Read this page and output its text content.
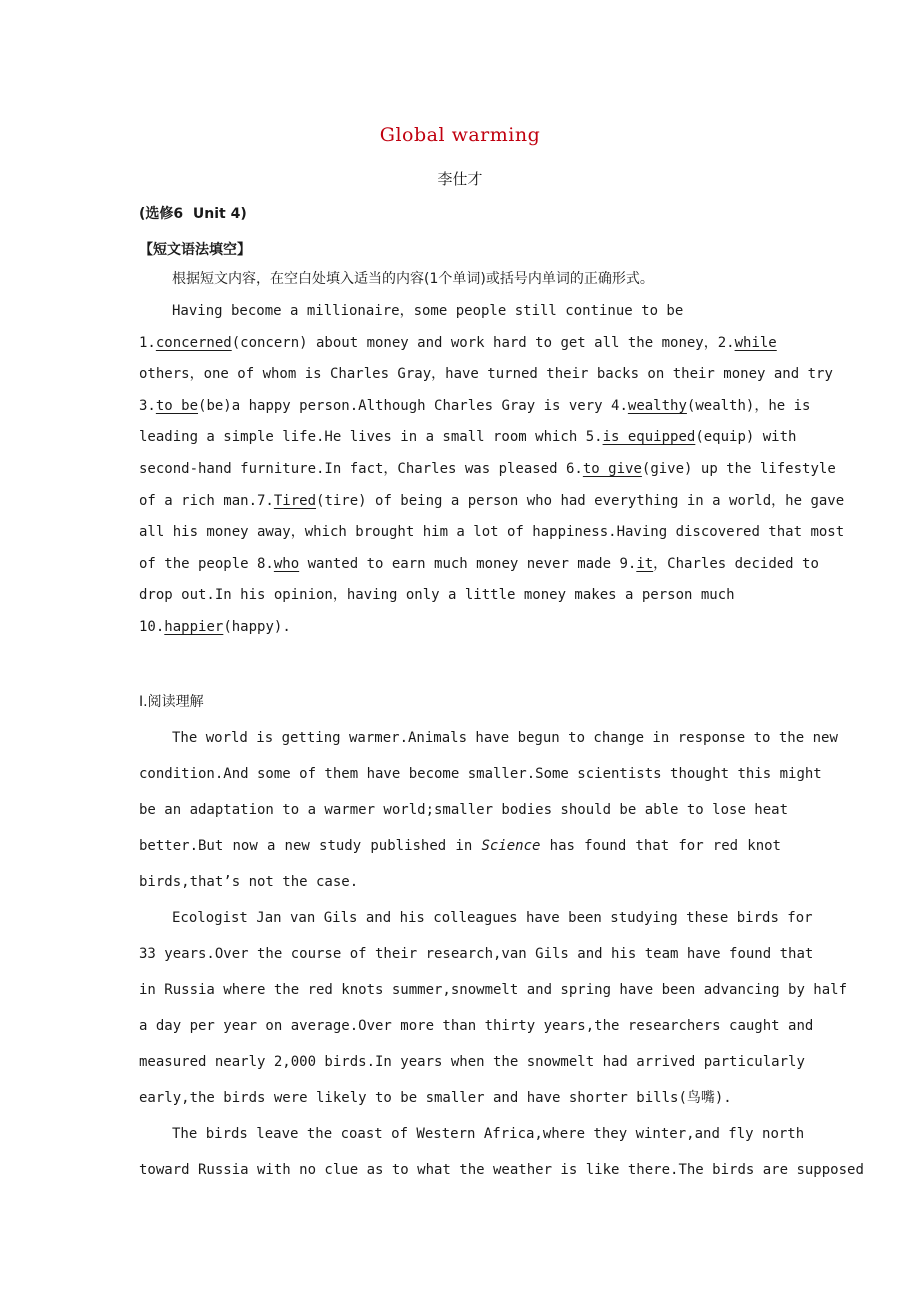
Global warming
李仕才
(选修6  Unit 4)
【短文语法填空】
根据短文内容，在空白处填入适当的内容(1个单词)或括号内单词的正确形式。
Having become a millionaire，some people still continue to be
1.concerned(concern) about money and work hard to get all the money，2.while
others，one of whom is Charles Gray，have turned their backs on their money and try
3.to be(be)a happy person.Although Charles Gray is very 4.wealthy(wealth)，he is
leading a simple life.He lives in a small room which 5.is equipped(equip) with
second-hand furniture.In fact，Charles was pleased 6.to give(give) up the lifestyle
of a rich man.7.Tired(tire) of being a person who had everything in a world，he gave
all his money away，which brought him a lot of happiness.Having discovered that most
of the people 8.who wanted to earn much money never made 9.it，Charles decided to
drop out.In his opinion，having only a little money makes a person much
10.happier(happy).
Ⅰ.阅读理解
The world is getting warmer.Animals have begun to change in response to the new
condition.And some of them have become smaller.Some scientists thought this might
be an adaptation to a warmer world;smaller bodies should be able to lose heat
better.But now a new study published in Science has found that for red knot
birds,that’s not the case.
Ecologist Jan van Gils and his colleagues have been studying these birds for
33 years.Over the course of their research,van Gils and his team have found that
in Russia where the red knots summer,snowmelt and spring have been advancing by half
a day per year on average.Over more than thirty years,the researchers caught and
measured nearly 2,000 birds.In years when the snowmelt had arrived particularly
early,the birds were likely to be smaller and have shorter bills(鸟嘴).
The birds leave the coast of Western Africa,where they winter,and fly north
toward Russia with no clue as to what the weather is like there.The birds are supposed
